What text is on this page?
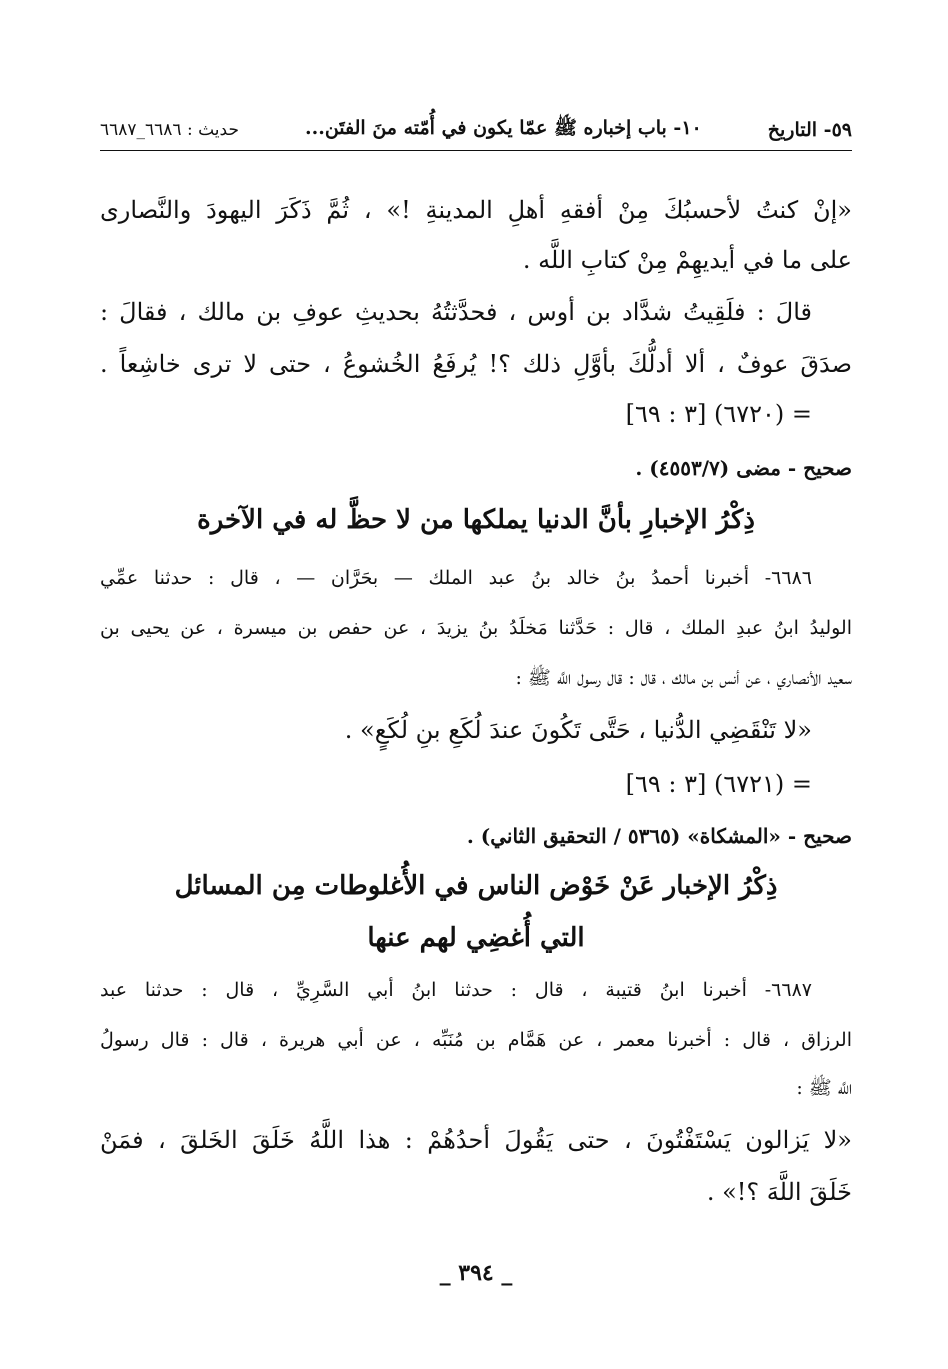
٥٩- التاريخ
١٠- باب إخباره ﷺ عمّا يكون في أُمّته منَ الفتَن...
حديث : ٦٦٨٦_٦٦٨٧
«إنْ كنتُ لأحسبُكَ مِنْ أفقهِ أهلِ المدينةِ !» ، ثُمَّ ذَكَرَ اليهودَ والنَّصارى
على ما في أيديهِمْ مِنْ كتابِ اللَّه .
قالَ : فلَقِيتُ شدَّاد بن أوس ، فحدَّثتُهُ بحديثِ عوفِ بن مالك ، فقالَ :
صدَقَ عوفٌ ، ألا أدلُّكَ بأوَّلِ ذلك ؟! يُرفَعُ الخُشوعُ ، حتى لا ترى خاشِعاً .
= (٦٧٢٠) [٣ : ٦٩]
صحيح - مضى (٤٥٥٣/٧) .
ذِكْرُ الإخبارِ بأنَّ الدنيا يملكها من لا حظَّ له في الآخرة
٦٦٨٦- أخبرنا أحمدُ بنُ خالد بنُ عبد الملك — بحَرَّان — ، قال : حدثنا عمِّي
الوليدُ ابنُ عبدِ الملك ، قال : حَدَّثنا مَخلَدُ بنُ يزيدَ ، عن حفص بن ميسرة ، عن يحيى بن
سعيد الأنصاري ، عن أنس بن مالك ، قال : قال رسول اللَّه ﷺ :
«لا تَنْقَضِي الدُّنيا ، حَتَّى تَكُونَ عندَ لُكَعِ بنِ لُكَعٍ» .
= (٦٧٢١) [٣ : ٦٩]
صحيح - «المشكاة» (٥٣٦٥ / التحقيق الثاني) .
ذِكْرُ الإخبار عَنْ خَوْض الناس في الأُغلوطات مِن المسائل
التي أُغضِي لهم عنها
٦٦٨٧- أخبرنا ابنُ قتيبة ، قال : حدثنا ابنُ أبي السَّرِيِّ ، قال : حدثنا عبد
الرزاق ، قال : أخبرنا معمر ، عن هَمَّام بن مُنَبِّه ، عن أبي هريرة ، قال : قال رسولُ
اللَّه ﷺ :
«لا يَزالون يَسْتَفْتُونَ ، حتى يَقُولَ أحدُهُمْ : هذا اللَّهُ خَلَقَ الخَلقَ ، فمَنْ
خَلَقَ اللَّهَ ؟!» .
_ ٣٩٤ _
